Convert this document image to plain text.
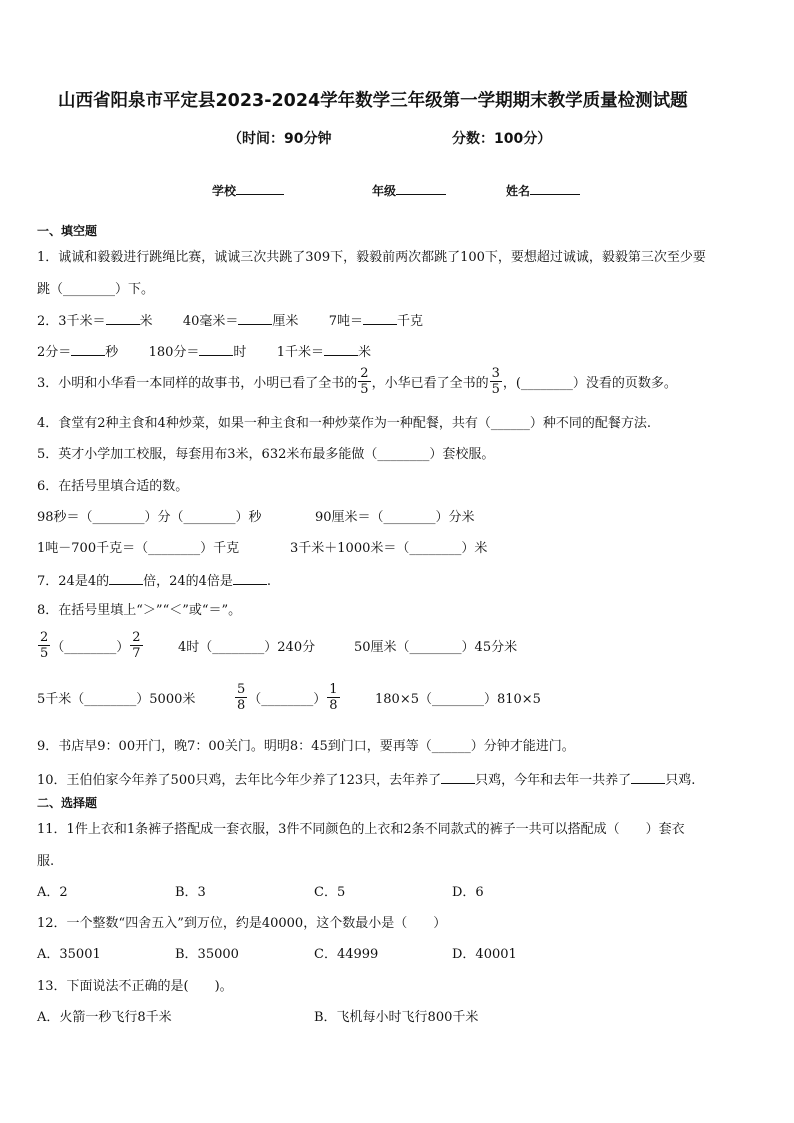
山西省阳泉市平定县2023-2024学年数学三年级第一学期期末教学质量检测试题
（时间：90分钟	分数：100分）
学校	年级	姓名
一、填空题
1．诚诚和毅毅进行跳绳比赛，诚诚三次共跳了309下，毅毅前两次都跳了100下，要想超过诚诚，毅毅第三次至少要
跳（________）下。
2．3千米＝	米 40毫米＝	厘米 7吨＝	千克
2分＝	秒 180分＝	时 1千米＝	米
3．小明和小华看一本同样的故事书，小明已看了全书的 $\frac{2}{5}$ ，小华已看了全书的 $\frac{3}{5}$ ，(________）没看的页数多。
4．食堂有2种主食和4种炒菜，如果一种主食和一种炒菜作为一种配餐，共有（______）种不同的配餐方法.
5．英才小学加工校服，每套用布3米，632米布最多能做（________）套校服。
6．在括号里填合适的数。
98秒＝（________）分（________）秒	90厘米＝（________）分米
1吨－700千克＝（________）千克	3千米＋1000米＝（________）米
7．24是4的	倍，24的4倍是	.
8．在括号里填上“＞”“＜”或“＝”。
$\frac{2}{5}$ （________） $\frac{2}{7}$	4时（________）240分	50厘米（________）45分米
5千米（________）5000米	$\frac{5}{8}$ （________） $\frac{1}{8}$	180×5（________）810×5
9．书店早9：00开门，晚7：00关门。明明8：45到门口，要再等（______）分钟才能进门。
10．王伯伯家今年养了500只鸡，去年比今年少养了123只，去年养了	只鸡，今年和去年一共养了	只鸡.
二、选择题
11．1件上衣和1条裤子搭配成一套衣服，3件不同颜色的上衣和2条不同款式的裤子一共可以搭配成（　　）套衣
服.
A．2	B．3	C．5	D．6
12．一个整数“四舍五入”到万位，约是40000，这个数最小是（　　）
A．35001	B．35000	C．44999	D．40001
13．下面说法不正确的是(　　)。
A．火箭一秒飞行8千米	B．飞机每小时飞行800千米
